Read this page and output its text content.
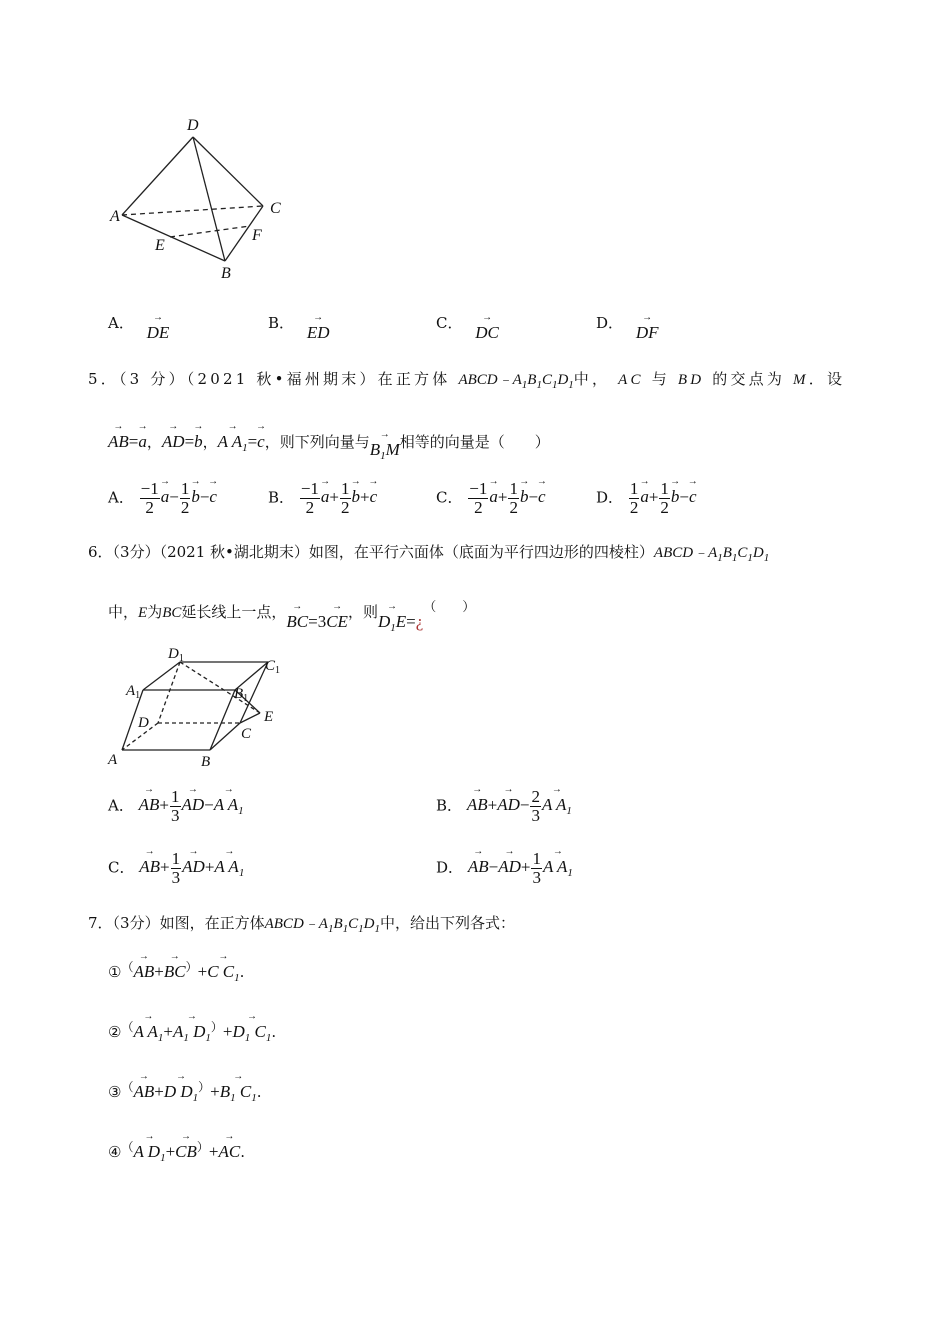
D
A	C
E
F
B
A． → DE	B． → ED	C． → DC	D． → DF
5．（3 分）（2021 秋•福州期末）在正方体 $ABCD﹣A_1B_1C_1D_1$中， AC 与 BD 的交点为 M．设
→ AB=→ a，→ AD=→ b，→ A $A_1=\to c$，则下列向量与→ $B_1M$相等的向量是（　　）
A． $\frac{-1}{2}$
→ $a- \frac{1}{2}$
→ b−→ c	B． $\frac{-1}{2}$
→ $a+ \frac{1}{2}$
→ b+→ c	C． $\frac{-1}{2}$
→ $a+ \frac{1}{2}$
→ b−→ c	D． $\frac{1}{2}$
→ $a+ \frac{1}{2}$
→ b−→ c
6．（3分）（2021 秋•湖北期末）如图，在平行六面体（底面为平行四边形的四棱柱）$ABCD﹣A_1B_1C_1D_1$
中，E为BC延长线上一点，→ BC=3→ CE，则→ $D_1E=¿$（　　）
$D_1$	$C_1$
$A_1$	$B_1$
D	E
C
A	B
A． → $AB+ \frac{1}{3}$
→ AD−→ A $A_1$	B． → $AB+\to AD- \frac{2}{3}$
→ A $A_1$
C． → $AB+ \frac{1}{3}$
→ AD+→ A $A_1$	D． → $AB-\to AD+ \frac{1}{3}$
→ A $A_1$
7．（3分）如图，在正方体$ABCD﹣A_1B_1C_1D_1$中，给出下列各式：
①（→ AB+→ BC）+→ C $C_1$.
②（→ A $A_1+\to A_1$ $D_1^)+\to D_1$ $C_1$.
③（→ AB+→ D $D_1^)+\to B_1$ $C_1$.
④（→ A $D_1+\to CB^)+\to$ AC.
